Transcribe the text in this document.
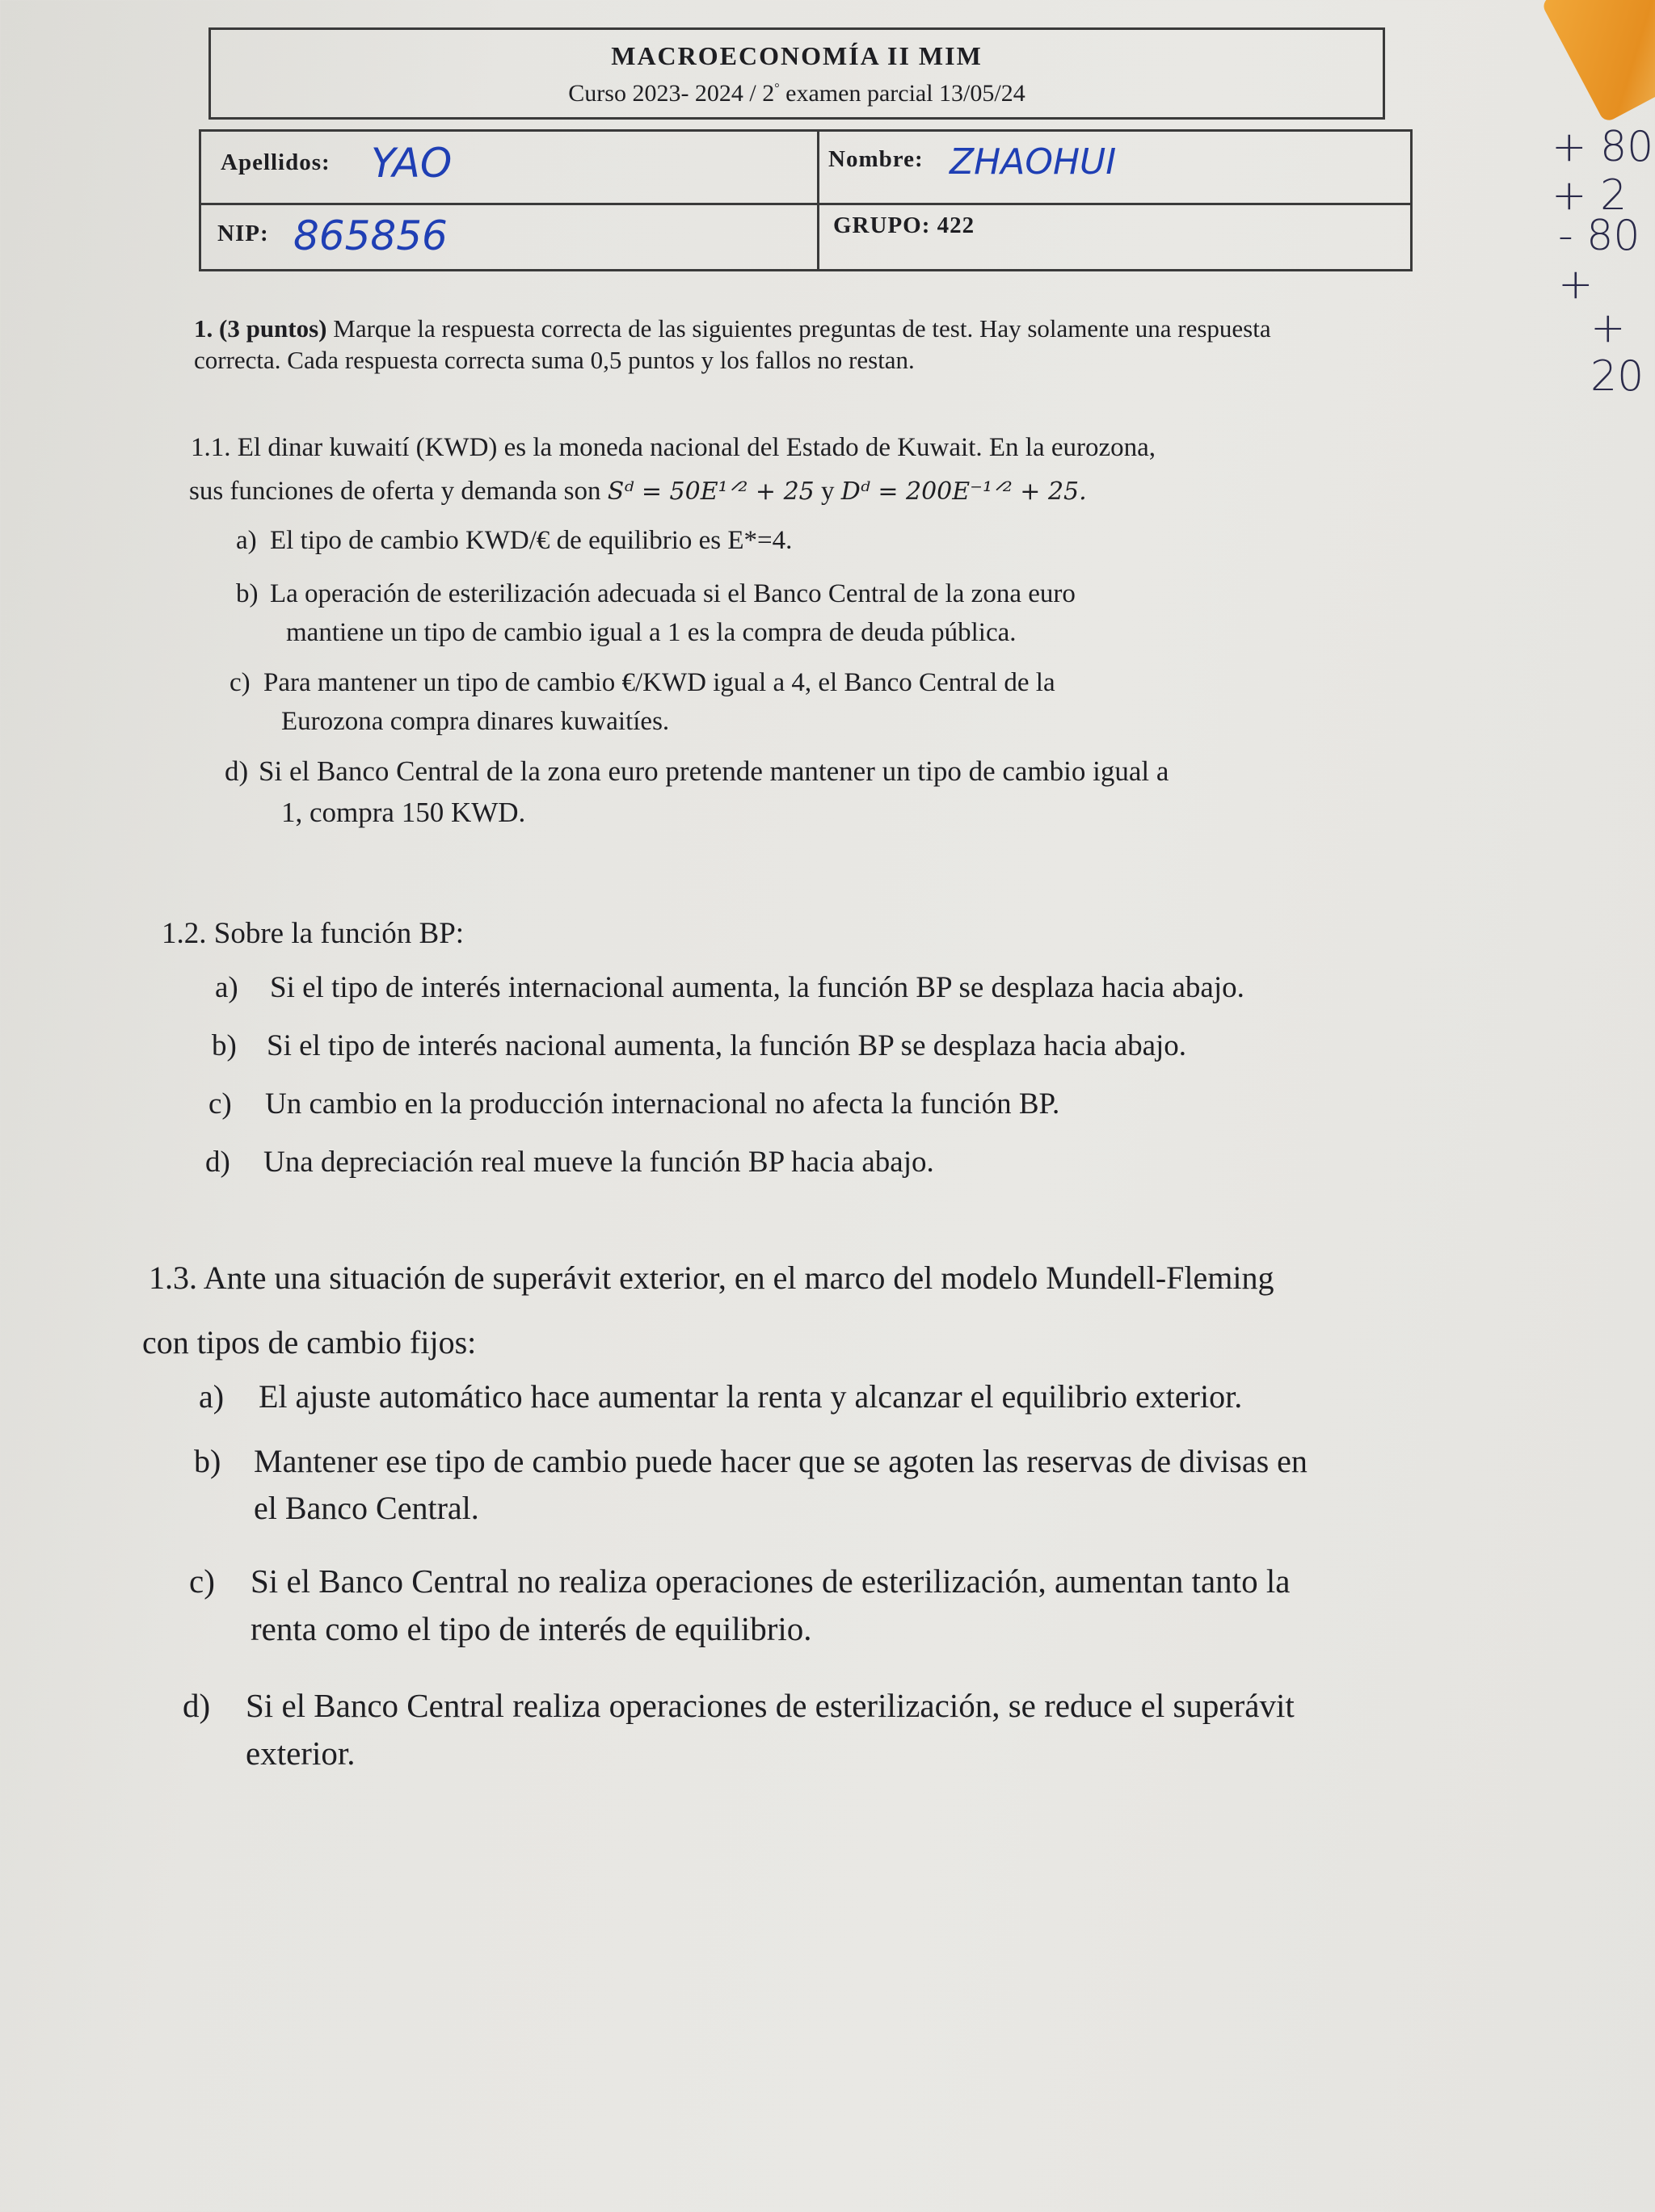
MACROECONOMÍA II MIM
Curso 2023- 2024 / 2° examen parcial 13/05/24
Apellidos: YAO	Nombre: ZHAOHUI
NIP: 865856	GRUPO: 422
+ 80 + 2
- 80 +
+ 20
1. (3 puntos) Marque la respuesta correcta de las siguientes preguntas de test. Hay solamente una respuesta correcta. Cada respuesta correcta suma 0,5 puntos y los fallos no restan.
1.1. El dinar kuwaití (KWD) es la moneda nacional del Estado de Kuwait. En la eurozona,
sus funciones de oferta y demanda son Sᵈ = 50E¹ᐟ² + 25 y Dᵈ = 200E⁻¹ᐟ² + 25.
a) El tipo de cambio KWD/€ de equilibrio es E*=4.
b) La operación de esterilización adecuada si el Banco Central de la zona euro
mantiene un tipo de cambio igual a 1 es la compra de deuda pública.
c) Para mantener un tipo de cambio €/KWD igual a 4, el Banco Central de la
Eurozona compra dinares kuwaitíes.
d) Si el Banco Central de la zona euro pretende mantener un tipo de cambio igual a
1, compra 150 KWD.
1.2. Sobre la función BP:
a) Si el tipo de interés internacional aumenta, la función BP se desplaza hacia abajo.
b) Si el tipo de interés nacional aumenta, la función BP se desplaza hacia abajo.
c) Un cambio en la producción internacional no afecta la función BP.
d) Una depreciación real mueve la función BP hacia abajo.
1.3. Ante una situación de superávit exterior, en el marco del modelo Mundell-Fleming
con tipos de cambio fijos:
a) El ajuste automático hace aumentar la renta y alcanzar el equilibrio exterior.
b) Mantener ese tipo de cambio puede hacer que se agoten las reservas de divisas en
el Banco Central.
c) Si el Banco Central no realiza operaciones de esterilización, aumentan tanto la
renta como el tipo de interés de equilibrio.
d) Si el Banco Central realiza operaciones de esterilización, se reduce el superávit
exterior.
